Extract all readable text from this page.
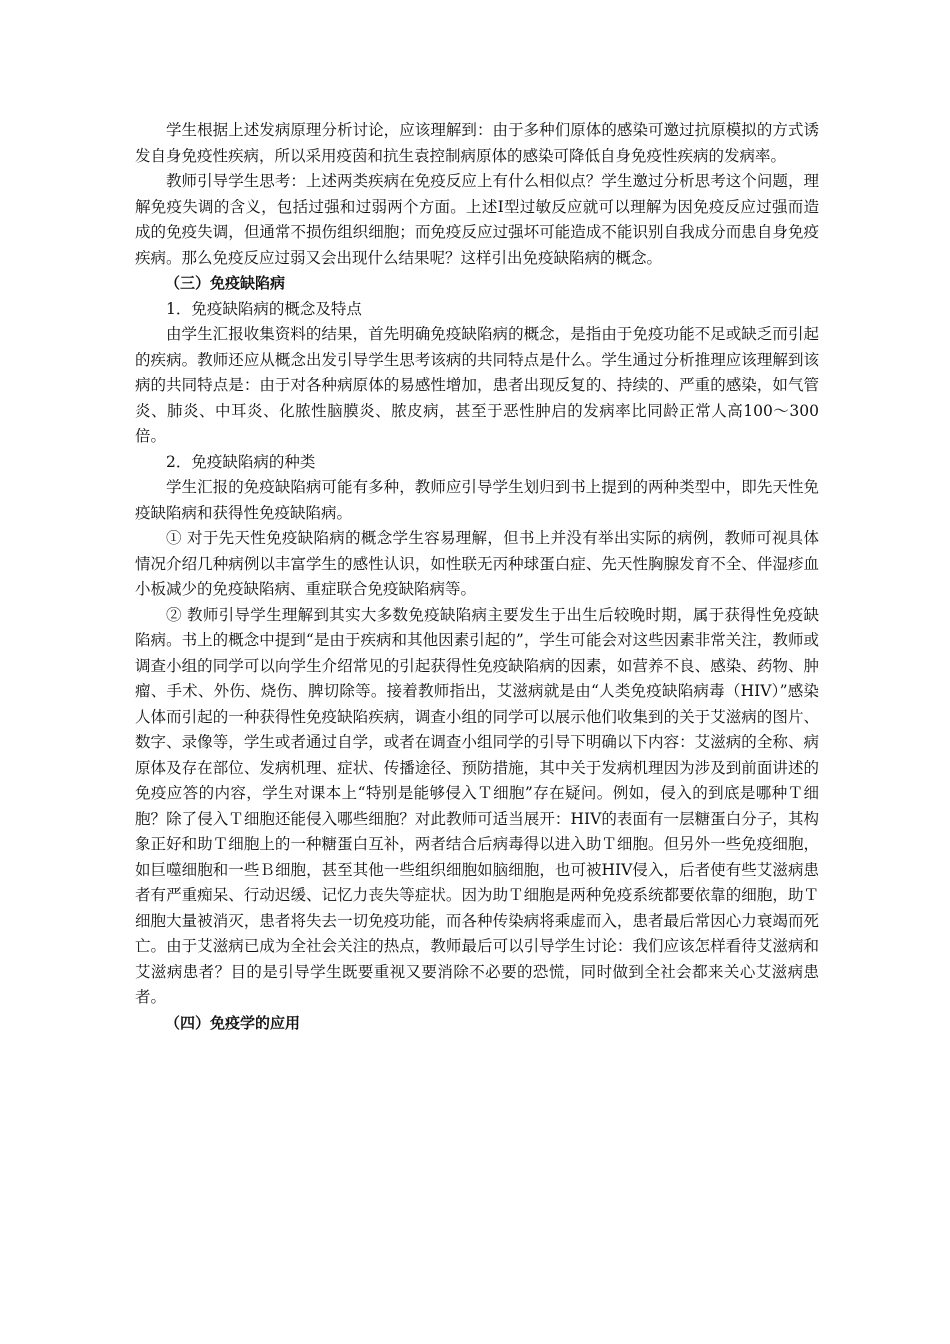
学生根据上述发病原理分析讨论，应该理解到：由于多种们原体的感染可邀过抗原模拟的方式诱发自身免疫性疾病，所以采用疫茵和抗生袁控制病原体的感染可降低自身免疫性疾病的发病率。

教师引导学生思考：上述两类疾病在免疫反应上有什么相似点？学生邀过分析思考这个问题，理解免疫失调的含义，包括过强和过弱两个方面。上述Ⅰ型过敏反应就可以理解为因免疫反应过强而造成的免疫失调，但通常不损伤组织细胞；而免疫反应过强坏可能造成不能识别自我成分而患自身免疫疾病。那么免疫反应过弱又会出现什么结果呢？这样引出免疫缺陷病的概念。

（三）免疫缺陷病

1．免疫缺陷病的概念及特点

由学生汇报收集资料的结果，首先明确免疫缺陷病的概念，是指由于免疫功能不足或缺乏而引起的疾病。教师还应从概念出发引导学生思考该病的共同特点是什么。学生通过分析推理应该理解到该病的共同特点是：由于对各种病原体的易感性增加，患者出现反复的、持续的、严重的感染，如气管炎、肺炎、中耳炎、化脓性脑膜炎、脓皮病，甚至于恶性肿启的发病率比同龄正常人高100～300倍。

2．免疫缺陷病的种类

学生汇报的免疫缺陷病可能有多种，教师应引导学生划归到书上提到的两种类型中，即先天性免疫缺陷病和获得性免疫缺陷病。

① 对于先天性免疫缺陷病的概念学生容易理解，但书上并没有举出实际的病例，教师可视具体情况介绍几种病例以丰富学生的感性认识，如性联无丙种球蛋白症、先天性胸腺发育不全、伴湿疹血小板减少的免疫缺陷病、重症联合免疫缺陷病等。

② 教师引导学生理解到其实大多数免疫缺陷病主要发生于出生后较晚时期，属于获得性免疫缺陷病。书上的概念中提到“是由于疾病和其他因素引起的”，学生可能会对这些因素非常关注，教师或调查小组的同学可以向学生介绍常见的引起获得性免疫缺陷病的因素，如营养不良、感染、药物、肿瘤、手术、外伤、烧伤、脾切除等。接着教师指出，艾滋病就是由“人类免疫缺陷病毒（HIV）”感染人体而引起的一种获得性免疫缺陷疾病，调查小组的同学可以展示他们收集到的关于艾滋病的图片、数字、录像等，学生或者通过自学，或者在调查小组同学的引导下明确以下内容：艾滋病的全称、病原体及存在部位、发病机理、症状、传播途径、预防措施，其中关于发病机理因为涉及到前面讲述的免疫应答的内容，学生对课本上“特别是能够侵入Ｔ细胞”存在疑问。例如，侵入的到底是哪种Ｔ细胞？除了侵入Ｔ细胞还能侵入哪些细胞？对此教师可适当展开：HIV的表面有一层糖蛋白分子，其构象正好和助Ｔ细胞上的一种糖蛋白互补，两者结合后病毒得以进入助Ｔ细胞。但另外一些免疫细胞，如巨噬细胞和一些Ｂ细胞，甚至其他一些组织细胞如脑细胞，也可被HIV侵入，后者使有些艾滋病患者有严重痴呆、行动迟缓、记忆力丧失等症状。因为助Ｔ细胞是两种免疫系统都要依靠的细胞，助Ｔ细胞大量被消灭，患者将失去一切免疫功能，而各种传染病将乘虚而入，患者最后常因心力衰竭而死亡。由于艾滋病已成为全社会关注的热点，教师最后可以引导学生讨论：我们应该怎样看待艾滋病和艾滋病患者？目的是引导学生既要重视又要消除不必要的恐慌，同时做到全社会都来关心艾滋病患者。

（四）免疫学的应用
